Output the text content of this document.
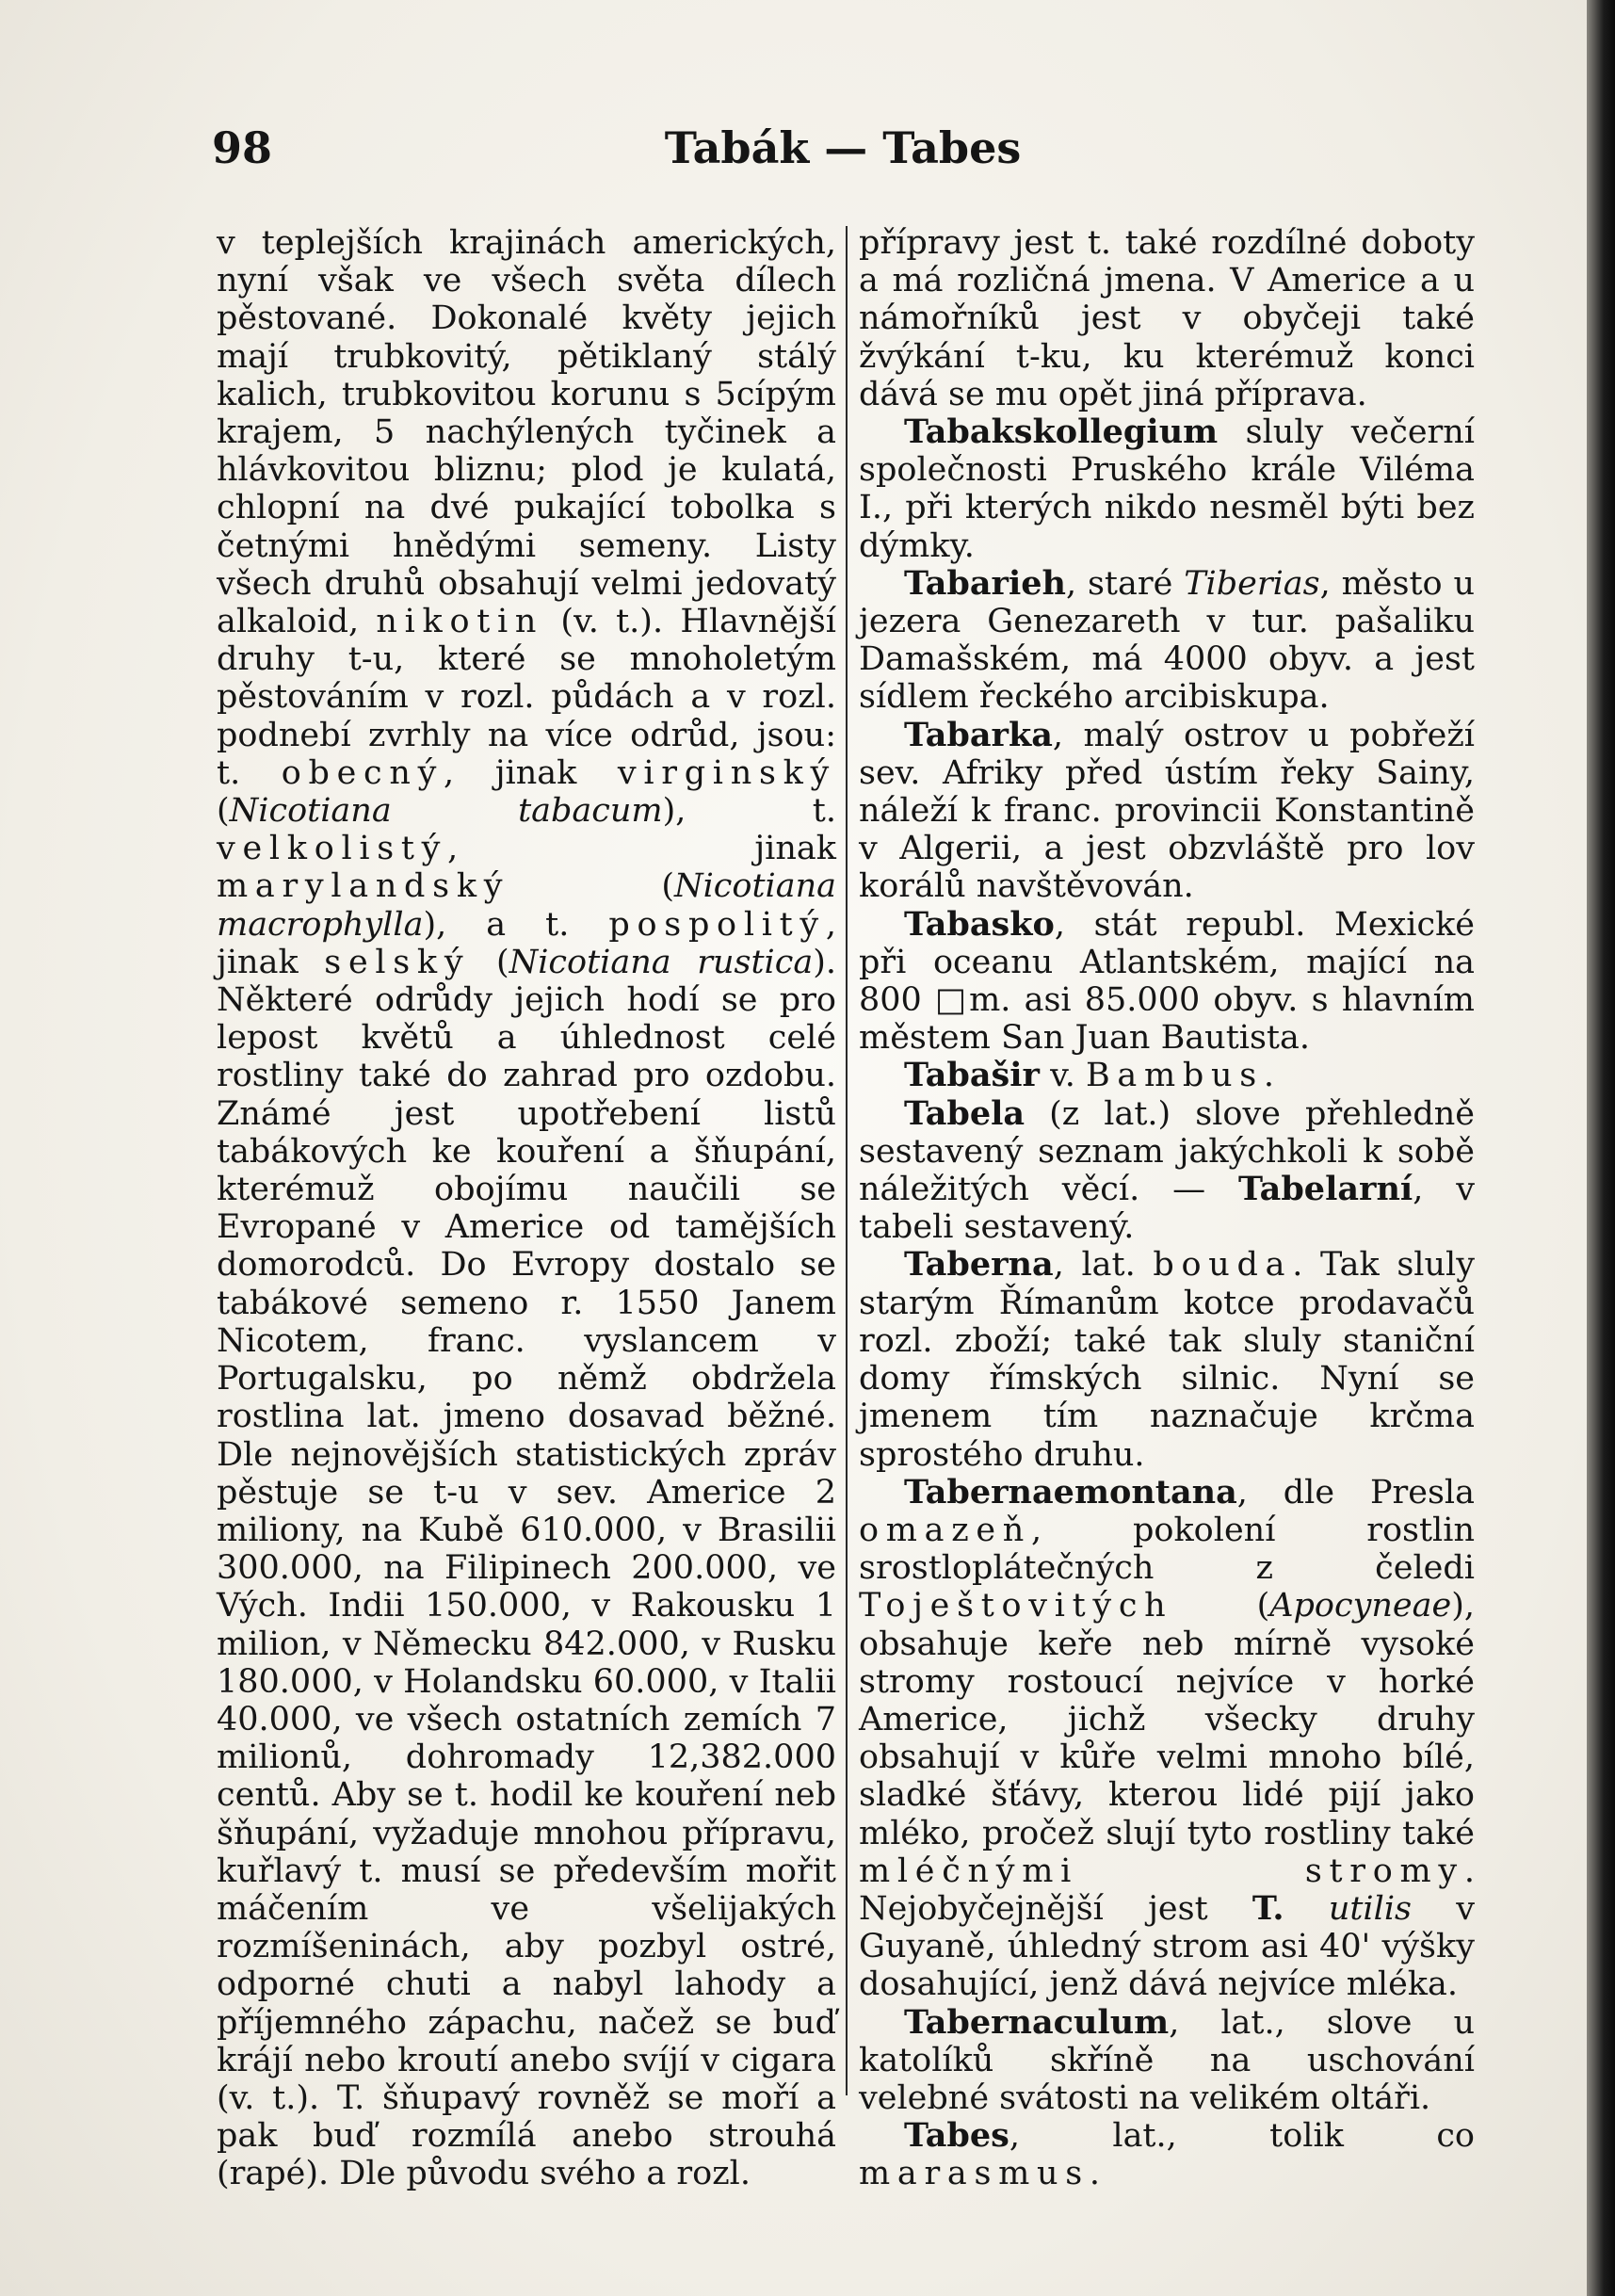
98	Tabák — Tabes

v teplejších krajinách amerických, nyní však ve všech světa dílech pěstované. Dokonalé květy jejich mají trubkovitý, pětiklaný stálý kalich, trubkovitou korunu s 5cípým krajem, 5 nachýlených tyčinek a hlávkovitou bliznu; plod je kulatá, chlopní na dvé pukající tobolka s četnými hnědými semeny. Listy všech druhů obsahují velmi jedovatý alkaloid, nikotin (v. t.). Hlavnější druhy t-u, které se mnoholetým pěstováním v rozl. půdách a v rozl. podnebí zvrhly na více odrůd, jsou: t. obecný, jinak virginský (Nicotiana tabacum), t. velkolistý, jinak marylandský (Nicotiana macrophylla), a t. pospolitý, jinak selský (Nicotiana rustica). Některé odrůdy jejich hodí se pro lepost květů a úhlednost celé rostliny také do zahrad pro ozdobu. Známé jest upotřebení listů tabákových ke kouření a šňupání, kterémuž obojímu naučili se Evropané v Americe od tamějších domorodců. Do Evropy dostalo se tabákové semeno r. 1550 Janem Nicotem, franc. vyslancem v Portugalsku, po němž obdržela rostlina lat. jmeno dosavad běžné. Dle nejnovějších statistických zpráv pěstuje se t-u v sev. Americe 2 miliony, na Kubě 610.000, v Brasilii 300.000, na Filipinech 200.000, ve Vých. Indii 150.000, v Rakousku 1 milion, v Německu 842.000, v Rusku 180.000, v Holandsku 60.000, v Italii 40.000, ve všech ostatních zemích 7 milionů, dohromady 12,382.000 centů. Aby se t. hodil ke kouření neb šňupání, vyžaduje mnohou přípravu, kuřlavý t. musí se především mořit máčením ve všelijakých rozmíšeninách, aby pozbyl ostré, odporné chuti a nabyl lahody a příjemného zápachu, načež se buď krájí nebo kroutí anebo svíjí v cigara (v. t.). T. šňupavý rovněž se moří a pak buď rozmílá anebo strouhá (rapé). Dle původu svého a rozl.

přípravy jest t. také rozdílné doboty a má rozličná jmena. V Americe a u námořníků jest v obyčeji také žvýkání t-ku, ku kterémuž konci dává se mu opět jiná příprava.

Tabakskollegium sluly večerní společnosti Pruského krále Viléma I., při kterých nikdo nesměl býti bez dýmky.

Tabarieh, staré Tiberias, město u jezera Genezareth v tur. pašaliku Damašském, má 4000 obyv. a jest sídlem řeckého arcibiskupa.

Tabarka, malý ostrov u pobřeží sev. Afriky před ústím řeky Sainy, náleží k franc. provincii Konstantině v Algerii, a jest obzvláště pro lov korálů navštěvován.

Tabasko, stát republ. Mexické při oceanu Atlantském, mající na 800 □m. asi 85.000 obyv. s hlavním městem San Juan Bautista.

Tabašir v. Bambus.

Tabela (z lat.) slove přehledně sestavený seznam jakýchkoli k sobě náležitých věcí. — Tabelarní, v tabeli sestavený.

Taberna, lat. bouda. Tak sluly starým Římanům kotce prodavačů rozl. zboží; také tak sluly staniční domy římských silnic. Nyní se jmenem tím naznačuje krčma sprostého druhu.

Tabernaemontana, dle Presla omazeň, pokolení rostlin srostloplátečných z čeledi Toještovitých (Apocyneae), obsahuje keře neb mírně vysoké stromy rostoucí nejvíce v horké Americe, jichž všecky druhy obsahují v kůře velmi mnoho bílé, sladké šťávy, kterou lidé pijí jako mléko, pročež slují tyto rostliny také mléčnými stromy. Nejobyčejnější jest T. utilis v Guyaně, úhledný strom asi 40' výšky dosahující, jenž dává nejvíce mléka.

Tabernaculum, lat., slove u katolíků skříně na uschování velebné svátosti na velikém oltáři.

Tabes, lat., tolik co marasmus.
